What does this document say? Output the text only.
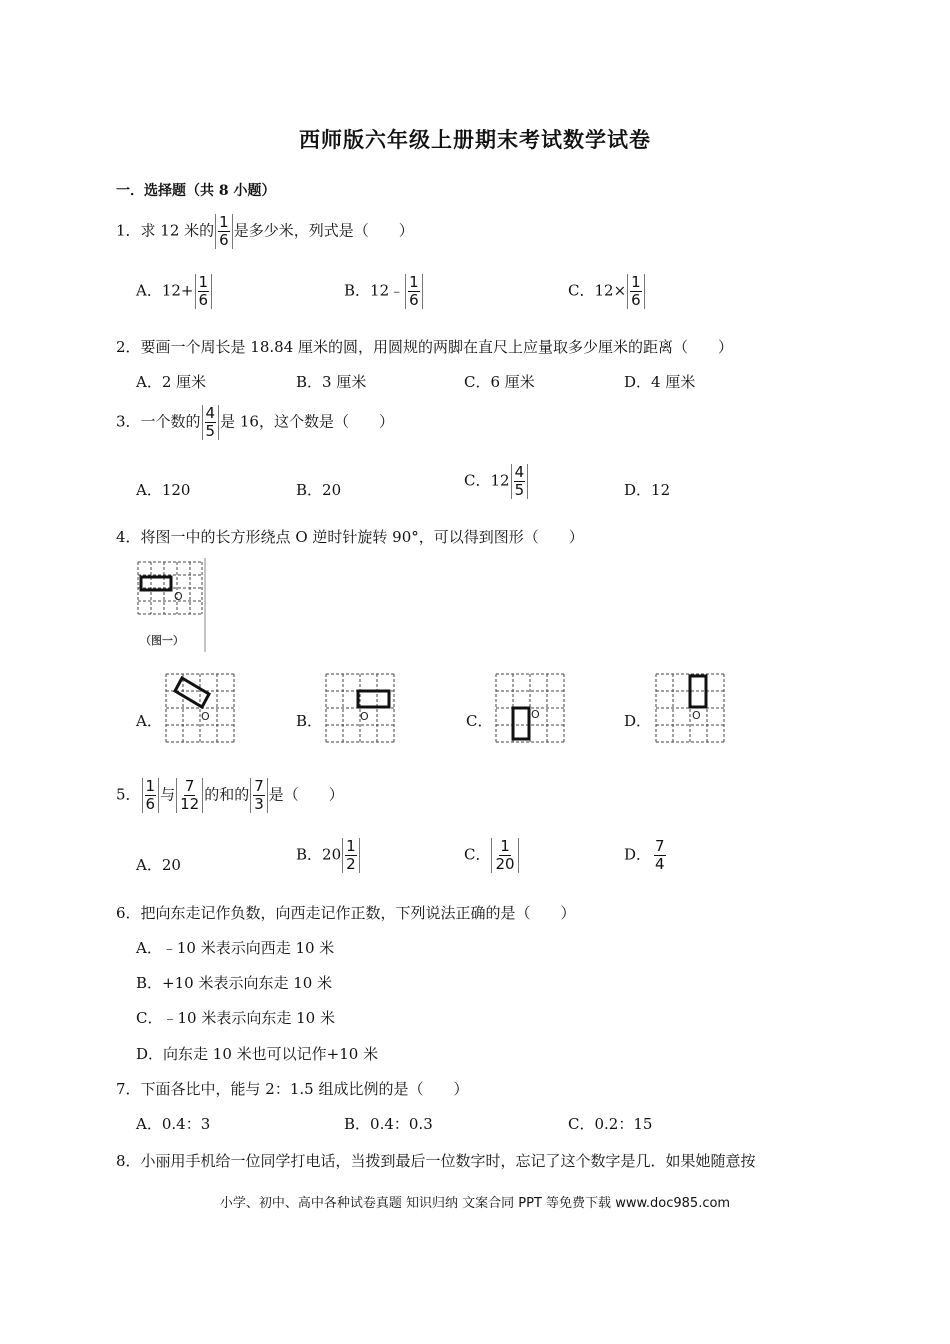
西师版六年级上册期末考试数学试卷
一．选择题（共 8 小题）
1．求 12 米的 $\frac{1}{6}$ 是多少米，列式是（　　）
A．$12+ \frac{1}{6}$	B．12﹣ $\frac{1}{6}$	C．$12\times \frac{1}{6}$
2．要画一个周长是 18.84 厘米的圆，用圆规的两脚在直尺上应量取多少厘米的距离（　　）
A．2 厘米	B．3 厘米	C．6 厘米	D．4 厘米
3．一个数的 $\frac{4}{5}$ 是 16，这个数是（　　）
A．120	B．20
C．$12 \frac{4}{5}$	D．12
4．将图一中的长方形绕点 O 逆时针旋转 90°，可以得到图形（　　）
O
（图一）
A．	O	B．	O	C．	O	D．	O
5． $\frac{1}{6}$ 与 $\frac{7}{12}$ 的和的 $\frac{7}{3}$ 是（　　）
A．20
B．$20 \frac{1}{2}$	C． $\frac{1}{20}$	D． $\frac{7}{4}$
6．把向东走记作负数，向西走记作正数，下列说法正确的是（　　）
A．﹣10 米表示向西走 10 米
B．+10 米表示向东走 10 米
C．﹣10 米表示向东走 10 米
D．向东走 10 米也可以记作+10 米
7．下面各比中，能与 2：1.5 组成比例的是（　　）
A．0.4：3	B．0.4：0.3	C．0.2：15
8．小丽用手机给一位同学打电话，当拨到最后一位数字时，忘记了这个数字是几．如果她随意按
小学、初中、高中各种试卷真题 知识归纳 文案合同 PPT 等免费下载 www.doc985.com
